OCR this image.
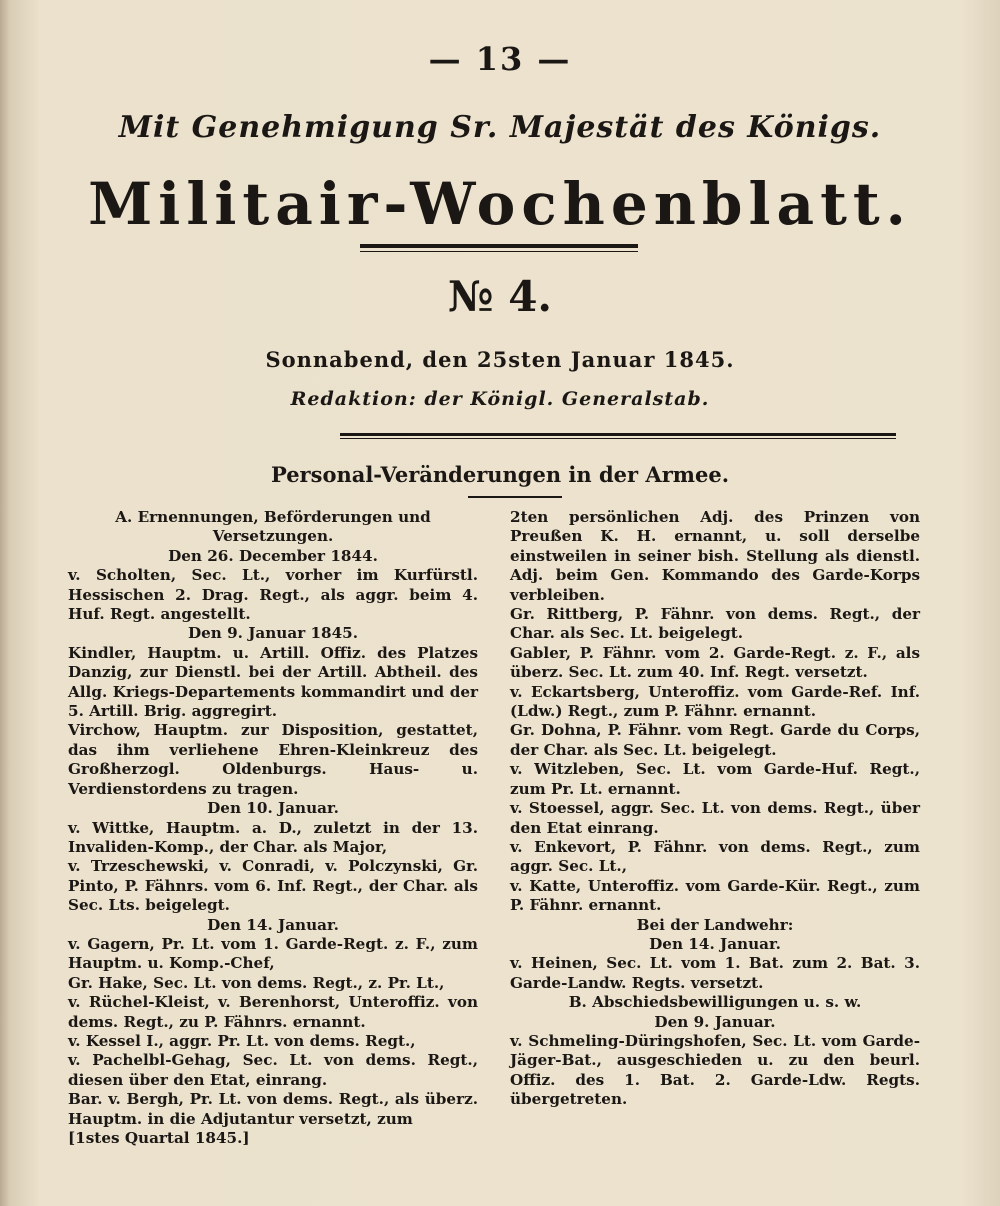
— 13 —
Mit Genehmigung Sr. Majestät des Königs.
Militair-Wochenblatt.
№ 4.
Sonnabend, den 25sten Januar 1845.
Redaktion: der Königl. Generalstab.
Personal-Veränderungen in der Armee.

A. Ernennungen, Beförderungen und

Versetzungen.

Den 26. December 1844.

v. Scholten, Sec. Lt., vorher im Kurfürstl. Hessischen 2. Drag. Regt., als aggr. beim 4. Huf. Regt. angestellt.

Den 9. Januar 1845.

Kindler, Hauptm. u. Artill. Offiz. des Platzes Danzig, zur Dienstl. bei der Artill. Abtheil. des Allg. Kriegs-Departements kommandirt und der 5. Artill. Brig. aggregirt.

Virchow, Hauptm. zur Disposition, gestattet, das ihm verliehene Ehren-Kleinkreuz des Großherzogl. Oldenburgs. Haus- u. Verdienstordens zu tragen.

Den 10. Januar.

v. Wittke, Hauptm. a. D., zuletzt in der 13. Invaliden-Komp., der Char. als Major,

v. Trzeschewski, v. Conradi, v. Polczynski, Gr. Pinto, P. Fähnrs. vom 6. Inf. Regt., der Char. als Sec. Lts. beigelegt.

Den 14. Januar.

v. Gagern, Pr. Lt. vom 1. Garde-Regt. z. F., zum Hauptm. u. Komp.-Chef,

Gr. Hake, Sec. Lt. von dems. Regt., z. Pr. Lt.,

v. Rüchel-Kleist, v. Berenhorst, Unteroffiz. von dems. Regt., zu P. Fähnrs. ernannt.

v. Kessel I., aggr. Pr. Lt. von dems. Regt.,

v. Pachelbl-Gehag, Sec. Lt. von dems. Regt., diesen über den Etat, einrang.

Bar. v. Bergh, Pr. Lt. von dems. Regt., als überz. Hauptm. in die Adjutantur versetzt, zum

[1stes Quartal 1845.]

2ten persönlichen Adj. des Prinzen von Preußen K. H. ernannt, u. soll derselbe einstweilen in seiner bish. Stellung als dienstl. Adj. beim Gen. Kommando des Garde-Korps verbleiben.

Gr. Rittberg, P. Fähnr. von dems. Regt., der Char. als Sec. Lt. beigelegt.

Gabler, P. Fähnr. vom 2. Garde-Regt. z. F., als überz. Sec. Lt. zum 40. Inf. Regt. versetzt.

v. Eckartsberg, Unteroffiz. vom Garde-Ref. Inf. (Ldw.) Regt., zum P. Fähnr. ernannt.

Gr. Dohna, P. Fähnr. vom Regt. Garde du Corps, der Char. als Sec. Lt. beigelegt.

v. Witzleben, Sec. Lt. vom Garde-Huf. Regt., zum Pr. Lt. ernannt.

v. Stoessel, aggr. Sec. Lt. von dems. Regt., über den Etat einrang.

v. Enkevort, P. Fähnr. von dems. Regt., zum aggr. Sec. Lt.,

v. Katte, Unteroffiz. vom Garde-Kür. Regt., zum P. Fähnr. ernannt.

Bei der Landwehr:

Den 14. Januar.

v. Heinen, Sec. Lt. vom 1. Bat. zum 2. Bat. 3. Garde-Landw. Regts. versetzt.

B. Abschiedsbewilligungen u. s. w.

Den 9. Januar.

v. Schmeling-Düringshofen, Sec. Lt. vom Garde-Jäger-Bat., ausgeschieden u. zu den beurl. Offiz. des 1. Bat. 2. Garde-Ldw. Regts. übergetreten.
